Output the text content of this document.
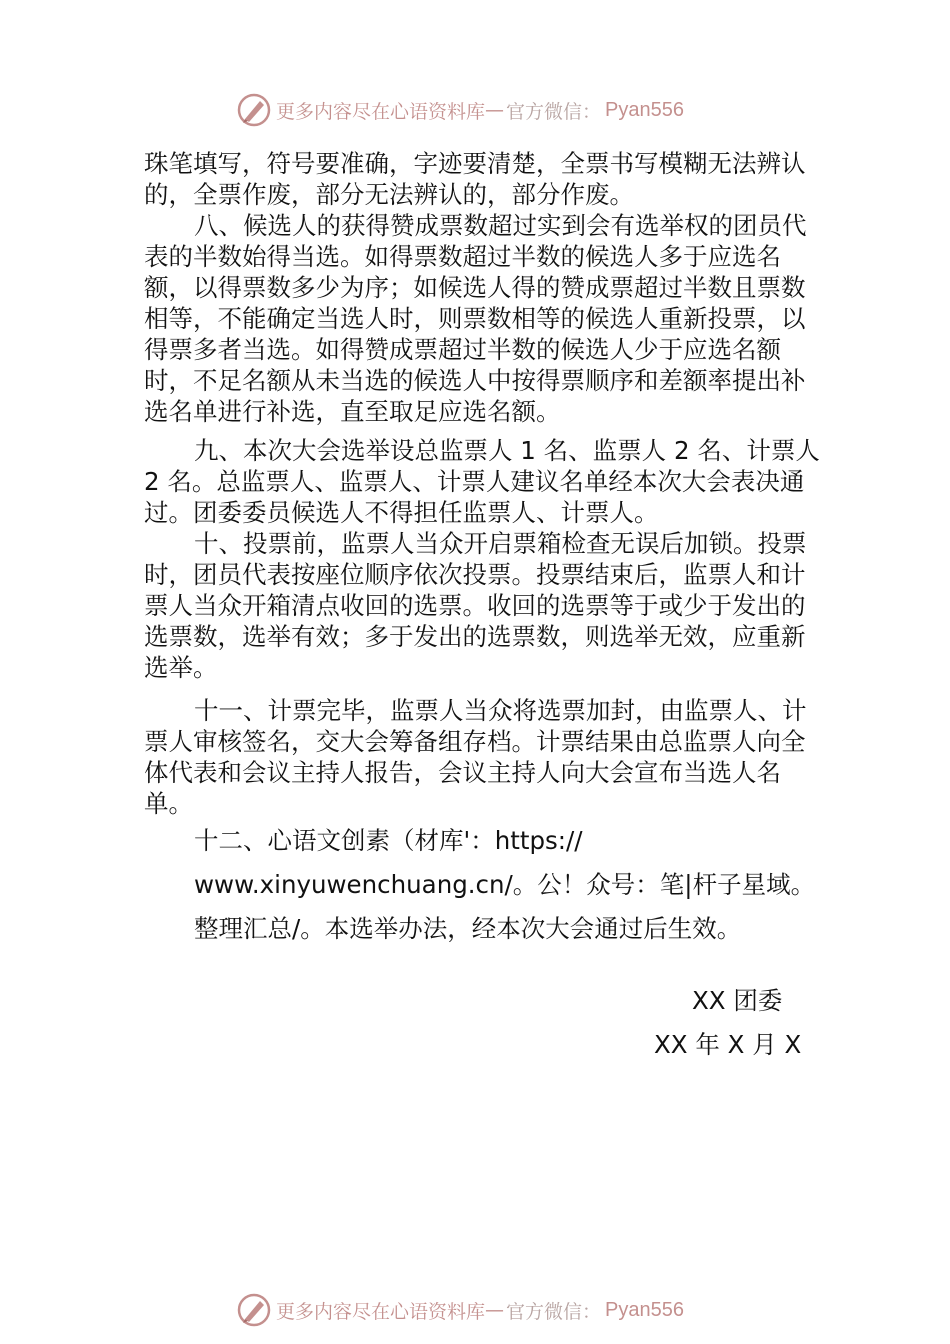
更多内容尽在心语资料库 — 官方微信： Pyan556

珠笔填写，符号要准确，字迹要清楚，全票书写模糊无法辨认的，全票作废，部分无法辨认的，部分作废。

八、候选人的获得赞成票数超过实到会有选举权的团员代表的半数始得当选。如得票数超过半数的候选人多于应选名额，以得票数多少为序；如候选人得的赞成票超过半数且票数相等，不能确定当选人时，则票数相等的候选人重新投票，以得票多者当选。如得赞成票超过半数的候选人少于应选名额时，不足名额从未当选的候选人中按得票顺序和差额率提出补选名单进行补选，直至取足应选名额。

九、本次大会选举设总监票人 1 名、监票人 2 名、计票人 2 名。总监票人、监票人、计票人建议名单经本次大会表决通过。团委委员候选人不得担任监票人、计票人。

十、投票前，监票人当众开启票箱检查无误后加锁。投票时，团员代表按座位顺序依次投票。投票结束后，监票人和计票人当众开箱清点收回的选票。收回的选票等于或少于发出的选票数，选举有效；多于发出的选票数，则选举无效，应重新选举。

十一、计票完毕，监票人当众将选票加封，由监票人、计票人审核签名，交大会筹备组存档。计票结果由总监票人向全体代表和会议主持人报告，会议主持人向大会宣布当选人名单。

十二、心语文创素（材库'：https://
www.xinyuwenchuang.cn/。公！众号：笔|杆子星域。
整理汇总/。本选举办法，经本次大会通过后生效。
XX 团委
XX 年 X 月 X
更多内容尽在心语资料库 — 官方微信： Pyan556
